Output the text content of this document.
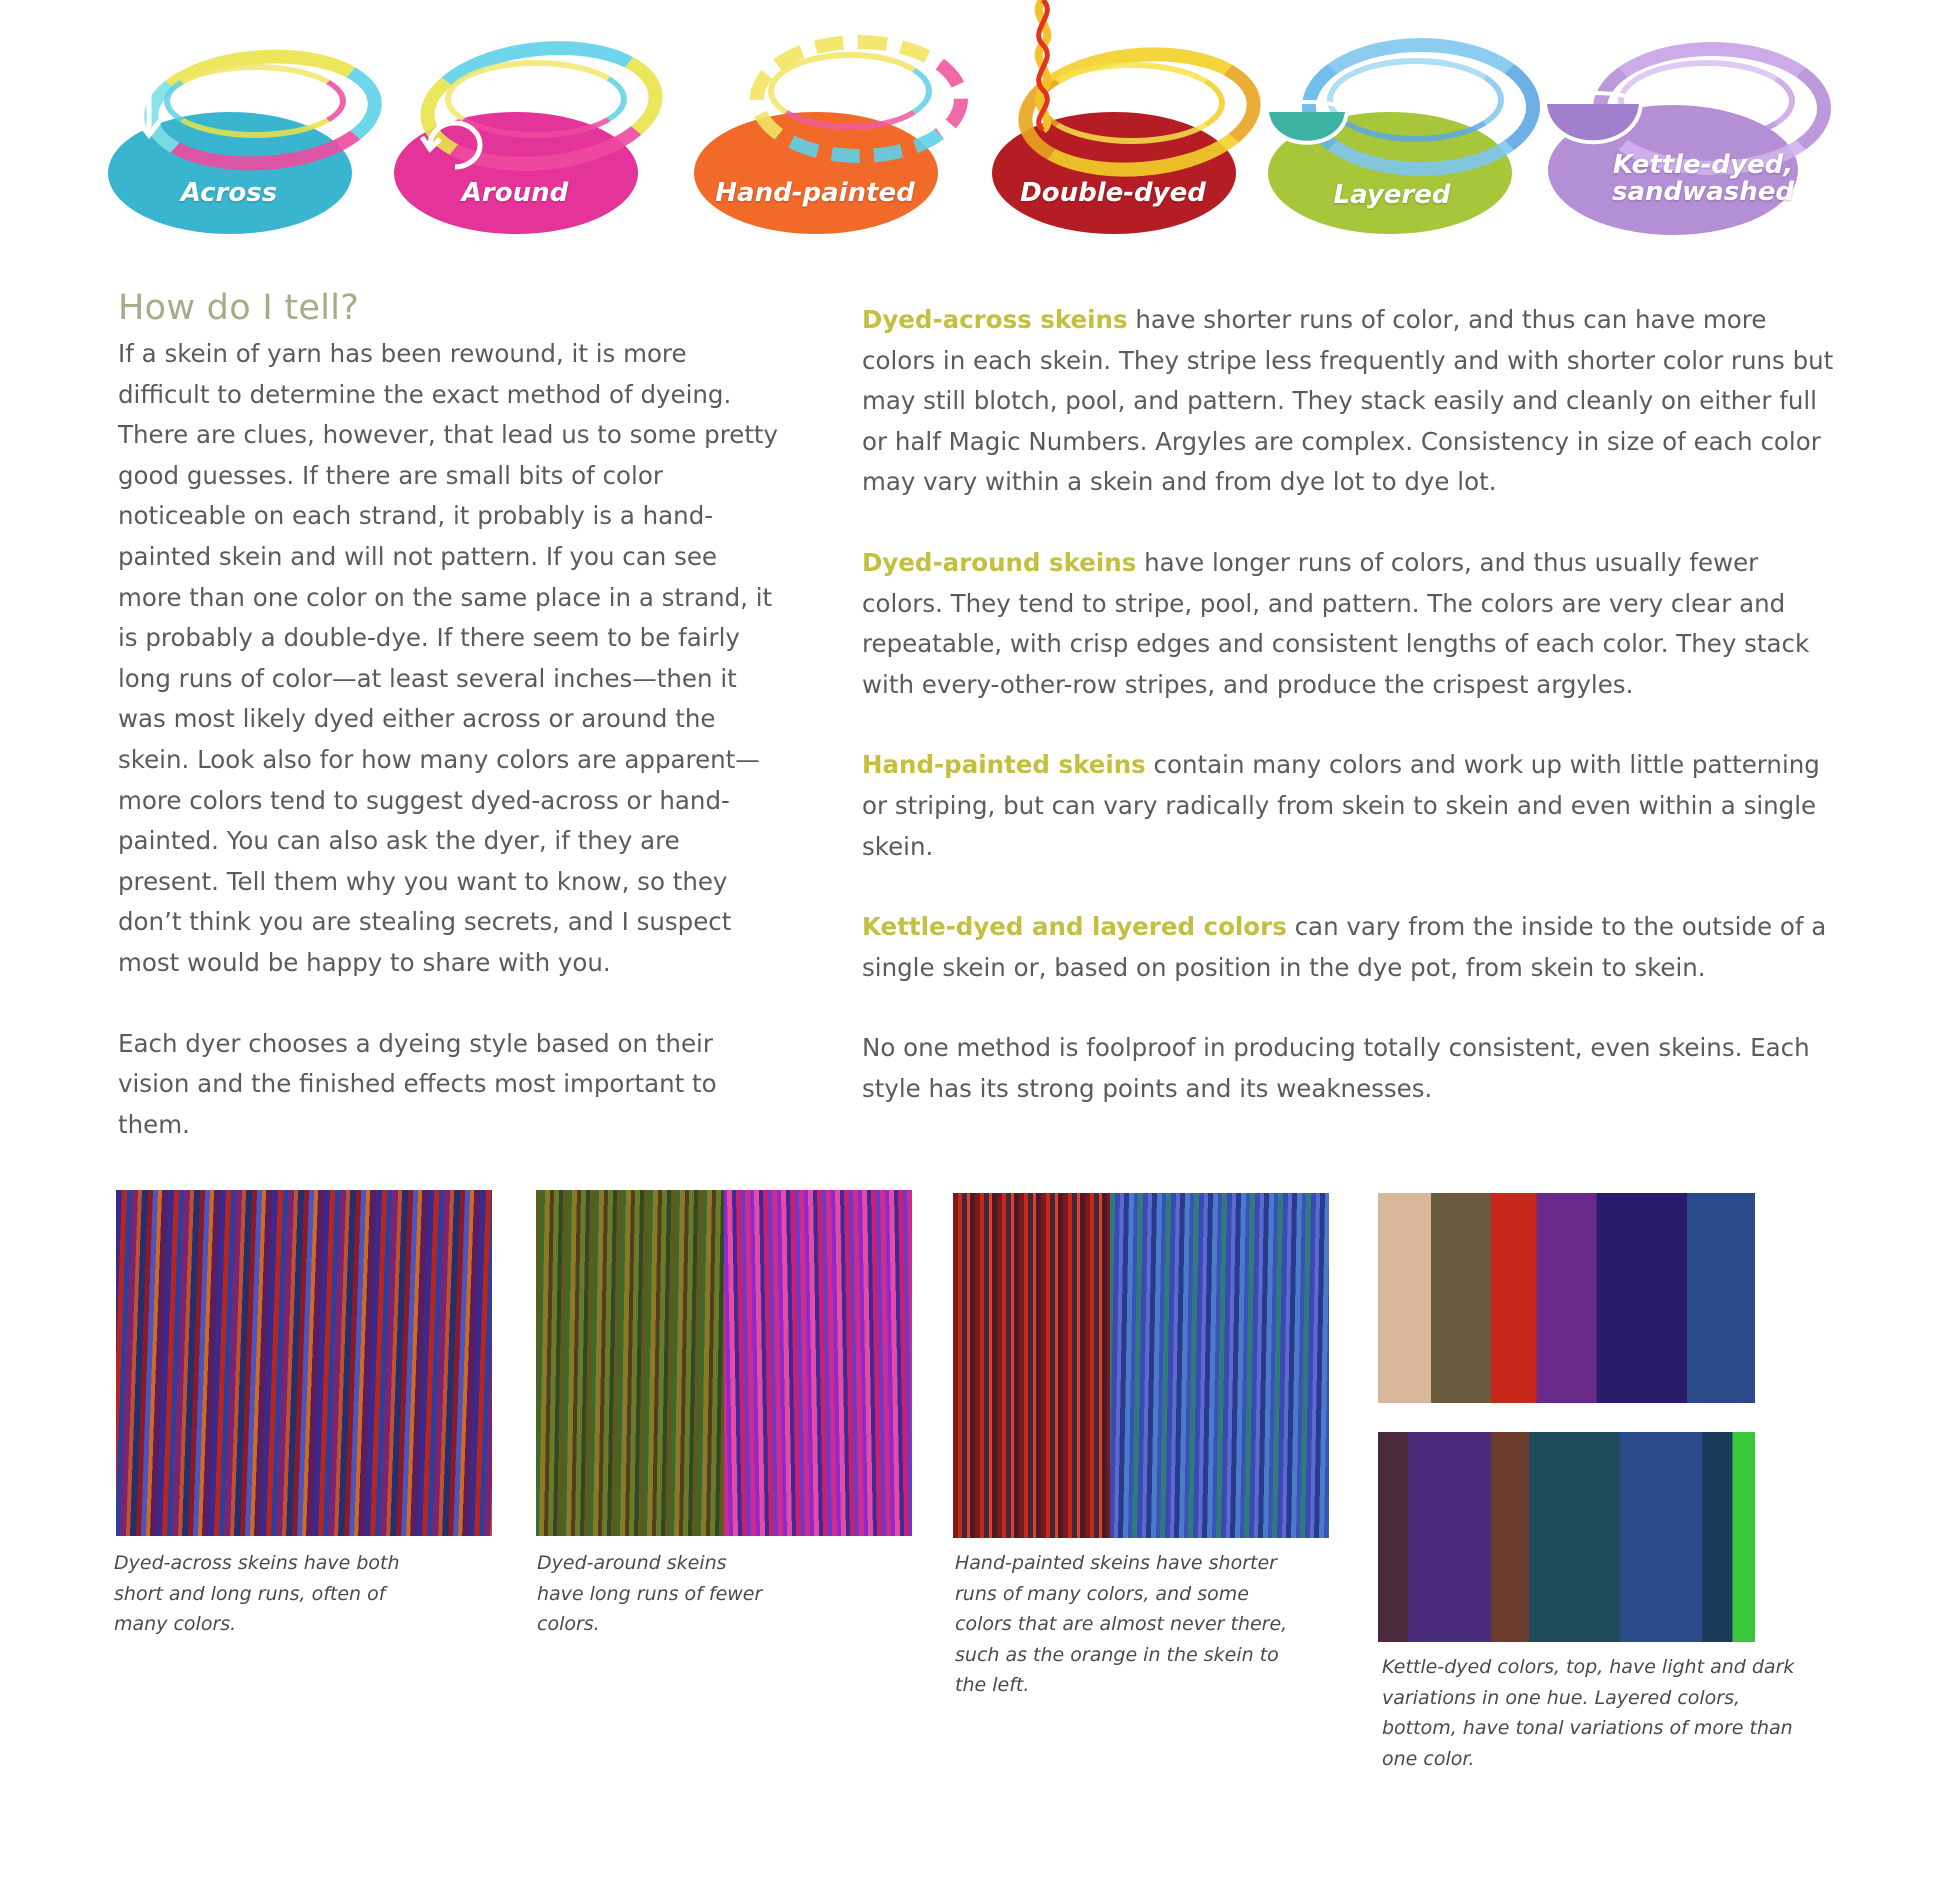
Across	Around	Hand-painted	Double-dyed	Layered
Kettle-dyed,
sandwashed
How do I tell?

If a skein of yarn has been rewound, it is more difficult to determine the exact method of dyeing. There are clues, however, that lead us to some pretty good guesses. If there are small bits of color noticeable on each strand, it probably is a hand-painted skein and will not pattern. If you can see more than one color on the same place in a strand, it is probably a double-dye. If there seem to be fairly long runs of color—at least several inches—then it was most likely dyed either across or around the skein. Look also for how many colors are apparent—more colors tend to suggest dyed-across or hand-painted. You can also ask the dyer, if they are present. Tell them why you want to know, so they don’t think you are stealing secrets, and I suspect most would be happy to share with you.

Each dyer chooses a dyeing style based on their vision and the finished effects most important to them.

Dyed-across skeins have shorter runs of color, and thus can have more colors in each skein. They stripe less frequently and with shorter color runs but may still blotch, pool, and pattern. They stack easily and cleanly on either full or half Magic Numbers. Argyles are complex. Consistency in size of each color may vary within a skein and from dye lot to dye lot.

Dyed-around skeins have longer runs of colors, and thus usually fewer colors. They tend to stripe, pool, and pattern. The colors are very clear and repeatable, with crisp edges and consistent lengths of each color. They stack with every-other-row stripes, and produce the crispest argyles.

Hand-painted skeins contain many colors and work up with little patterning or striping, but can vary radically from skein to skein and even within a single skein.

Kettle-dyed and layered colors can vary from the inside to the outside of a single skein or, based on position in the dye pot, from skein to skein.

No one method is foolproof in producing totally consistent, even skeins. Each style has its strong points and its weaknesses.

Dyed-across skeins have both short and long runs, often of many colors.

Dyed-around skeins have long runs of fewer colors.

Hand-painted skeins have shorter runs of many colors, and some colors that are almost never there, such as the orange in the skein to the left.

Kettle-dyed colors, top, have light and dark variations in one hue. Layered colors, bottom, have tonal variations of more than one color.
